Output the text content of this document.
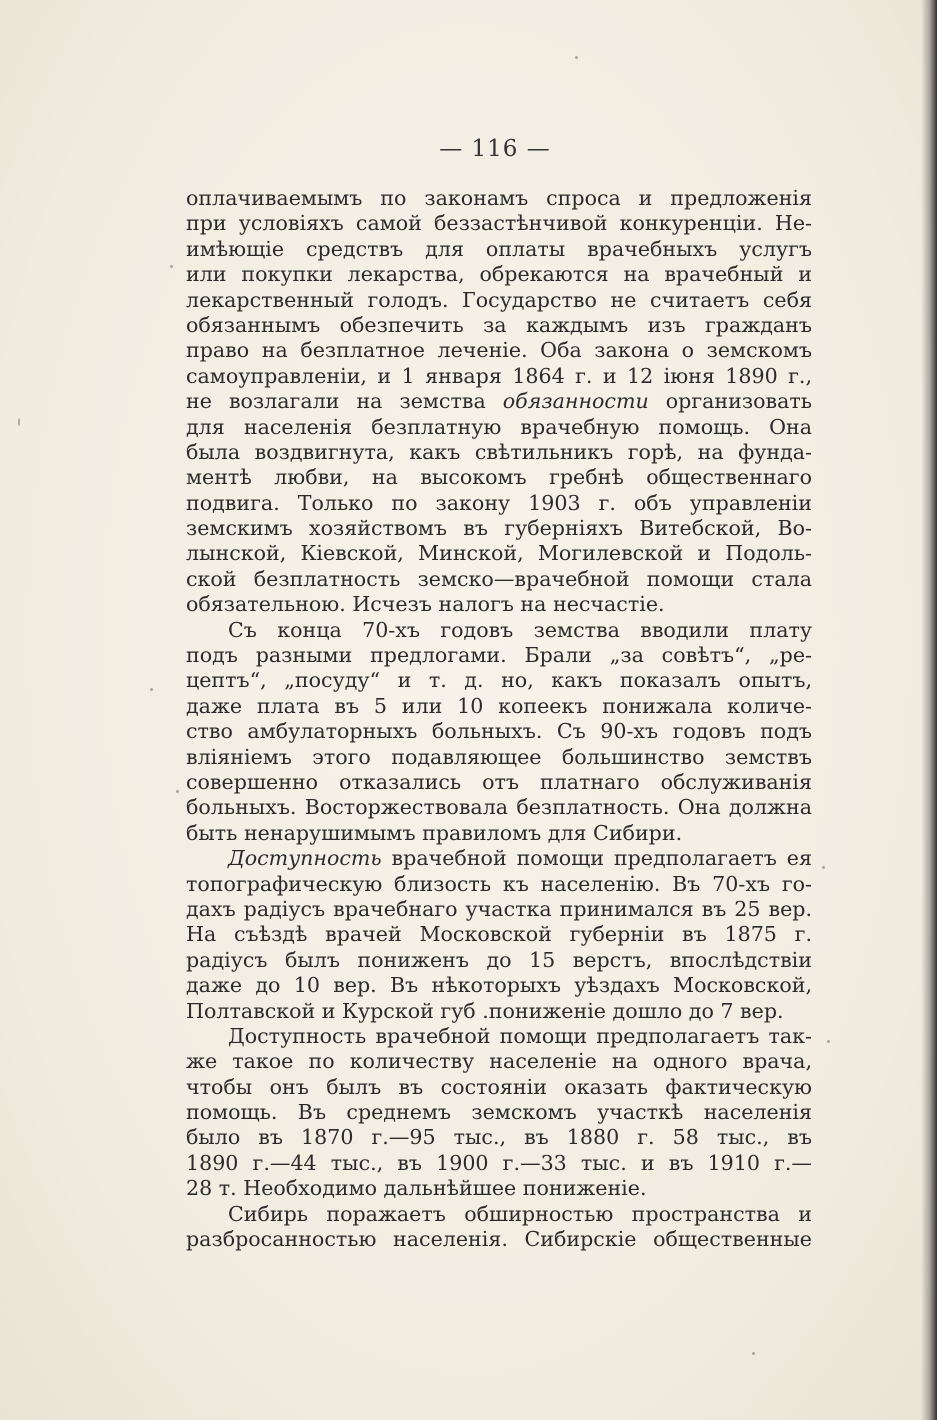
— 116 —
оплачиваемымъ по законамъ спроса и предложенія
при условіяхъ самой беззастѣнчивой конкуренціи. Не-
имѣющіе средствъ для оплаты врачебныхъ услугъ
или покупки лекарства, обрекаются на врачебный и
лекарственный голодъ. Государство не считаетъ себя
обязаннымъ обезпечить за каждымъ изъ гражданъ
право на безплатное леченіе. Оба закона о земскомъ
самоуправленіи, и 1 января 1864 г. и 12 іюня 1890 г.,
не возлагали на земства обязанности организовать
для населенія безплатную врачебную помощь. Она
была воздвигнута, какъ свѣтильникъ горѣ, на фунда-
ментѣ любви, на высокомъ гребнѣ общественнаго
подвига. Только по закону 1903 г. объ управленіи
земскимъ хозяйствомъ въ губерніяхъ Витебской, Во-
лынской, Кіевской, Минской, Могилевской и Подоль-
ской безплатность земско—врачебной помощи стала
обязательною. Исчезъ налогъ на несчастіе.
Съ конца 70-хъ годовъ земства вводили плату
подъ разными предлогами. Брали „за совѣтъ“, „ре-
цептъ“, „посуду“ и т. д. но, какъ показалъ опытъ,
даже плата въ 5 или 10 копеекъ понижала количе-
ство амбулаторныхъ больныхъ. Съ 90-хъ годовъ подъ
вліяніемъ этого подавляющее большинство земствъ
совершенно отказались отъ платнаго обслуживанія
больныхъ. Восторжествовала безплатность. Она должна
быть ненарушимымъ правиломъ для Сибири.
Доступность врачебной помощи предполагаетъ ея
топографическую близость къ населенію. Въ 70-хъ го-
дахъ радіусъ врачебнаго участка принимался въ 25 вер.
На съѣздѣ врачей Московской губерніи въ 1875 г.
радіусъ былъ пониженъ до 15 верстъ, впослѣдствіи
даже до 10 вер. Въ нѣкоторыхъ уѣздахъ Московской,
Полтавской и Курской губ .пониженіе дошло до 7 вер.
Доступность врачебной помощи предполагаетъ так-
же такое по количеству населеніе на одного врача,
чтобы онъ былъ въ состояніи оказать фактическую
помощь. Въ среднемъ земскомъ участкѣ населенія
было въ 1870 г.—95 тыс., въ 1880 г. 58 тыс., въ
1890 г.—44 тыс., въ 1900 г.—33 тыс. и въ 1910 г.—
28 т. Необходимо дальнѣйшее пониженіе.
Сибирь поражаетъ обширностью пространства и
разбросанностью населенія. Сибирскіе общественные
